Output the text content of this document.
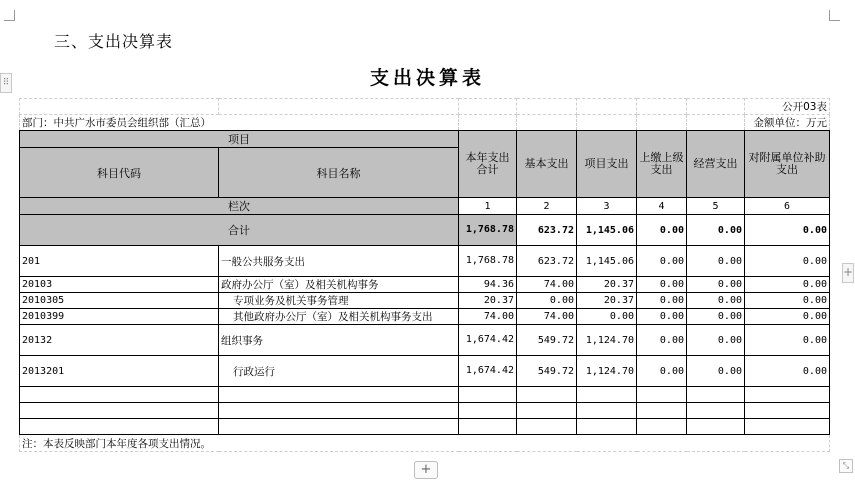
三、支出决算表
支出决算表
⠿
+
							公开03表
部门：中共广水市委员会组织部（汇总）							金额单位：万元
项目		本年支出合计	基本支出	项目支出	上缴上级支出	经营支出	对附属单位补助支出
科目代码	科目名称						
栏次		1	2	3	4	5	6
合计		1,768.78	623.72	1,145.06	0.00	0.00	0.00
201	一般公共服务支出	1,768.78	623.72	1,145.06	0.00	0.00	0.00
20103	政府办公厅（室）及相关机构事务	94.36	74.00	20.37	0.00	0.00	0.00
2010305	专项业务及机关事务管理	20.37	0.00	20.37	0.00	0.00	0.00
2010399	其他政府办公厅（室）及相关机构事务支出	74.00	74.00	0.00	0.00	0.00	0.00
20132	组织事务	1,674.42	549.72	1,124.70	0.00	0.00	0.00
2013201	行政运行	1,674.42	549.72	1,124.70	0.00	0.00	0.00

注：本表反映部门本年度各项支出情况。							
+	⤡
